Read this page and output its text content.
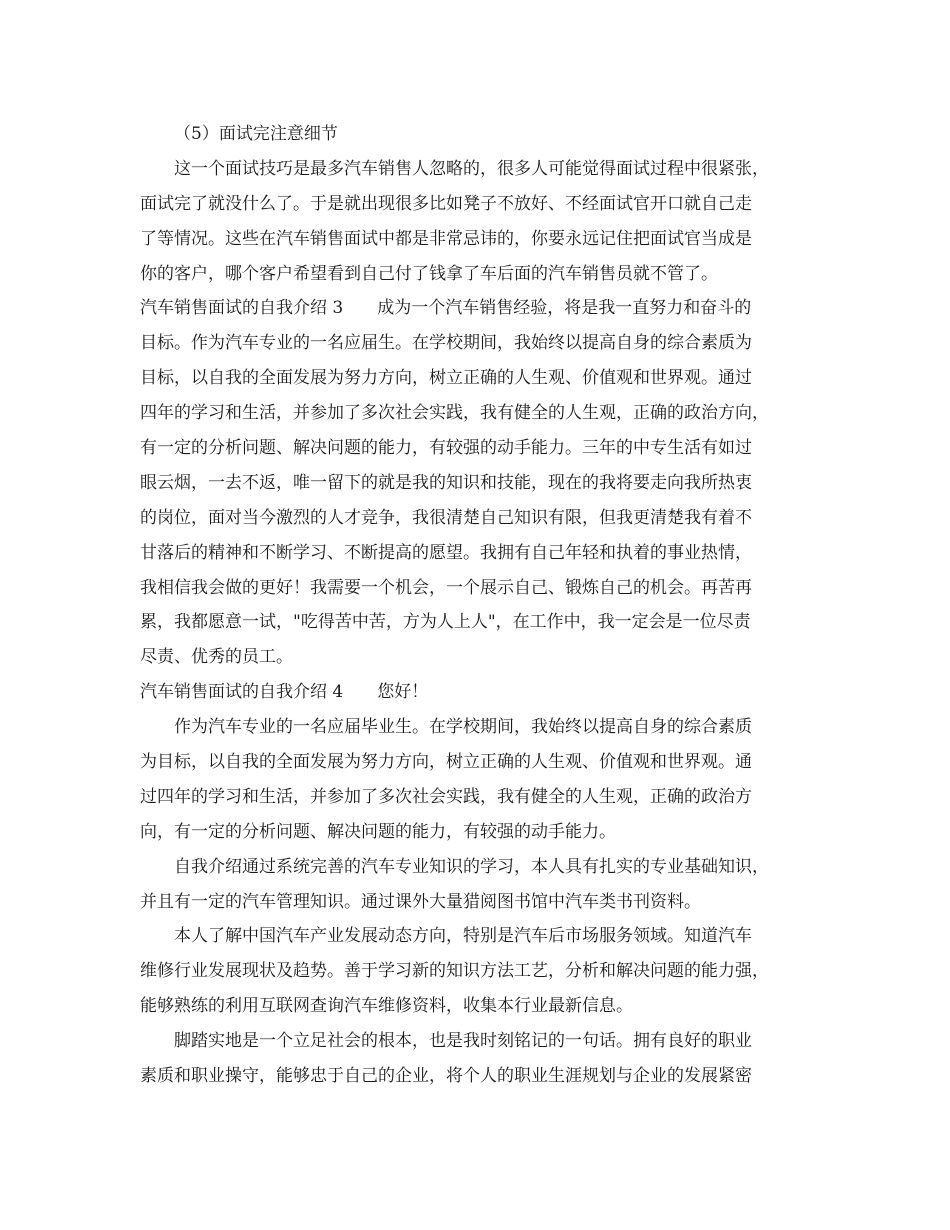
（5）面试完注意细节
这一个面试技巧是最多汽车销售人忽略的，很多人可能觉得面试过程中很紧张，
面试完了就没什么了。于是就出现很多比如凳子不放好、不经面试官开口就自己走
了等情况。这些在汽车销售面试中都是非常忌讳的，你要永远记住把面试官当成是
你的客户，哪个客户希望看到自己付了钱拿了车后面的汽车销售员就不管了。
汽车销售面试的自我介绍 3　　成为一个汽车销售经验，将是我一直努力和奋斗的
目标。作为汽车专业的一名应届生。在学校期间，我始终以提高自身的综合素质为
目标，以自我的全面发展为努力方向，树立正确的人生观、价值观和世界观。通过
四年的学习和生活，并参加了多次社会实践，我有健全的人生观，正确的政治方向，
有一定的分析问题、解决问题的能力，有较强的动手能力。三年的中专生活有如过
眼云烟，一去不返，唯一留下的就是我的知识和技能，现在的我将要走向我所热衷
的岗位，面对当今激烈的人才竞争，我很清楚自己知识有限，但我更清楚我有着不
甘落后的精神和不断学习、不断提高的愿望。我拥有自己年轻和执着的事业热情，
我相信我会做的更好！我需要一个机会，一个展示自己、锻炼自己的机会。再苦再
累，我都愿意一试，"吃得苦中苦，方为人上人"，在工作中，我一定会是一位尽责
尽责、优秀的员工。
汽车销售面试的自我介绍 4　　您好！
作为汽车专业的一名应届毕业生。在学校期间，我始终以提高自身的综合素质
为目标，以自我的全面发展为努力方向，树立正确的人生观、价值观和世界观。通
过四年的学习和生活，并参加了多次社会实践，我有健全的人生观，正确的政治方
向，有一定的分析问题、解决问题的能力，有较强的动手能力。
自我介绍通过系统完善的汽车专业知识的学习，本人具有扎实的专业基础知识，
并且有一定的汽车管理知识。通过课外大量猎阅图书馆中汽车类书刊资料。
本人了解中国汽车产业发展动态方向，特别是汽车后市场服务领域。知道汽车
维修行业发展现状及趋势。善于学习新的知识方法工艺，分析和解决问题的能力强，
能够熟练的利用互联网查询汽车维修资料，收集本行业最新信息。
脚踏实地是一个立足社会的根本，也是我时刻铭记的一句话。拥有良好的职业
素质和职业操守，能够忠于自己的企业，将个人的职业生涯规划与企业的发展紧密
